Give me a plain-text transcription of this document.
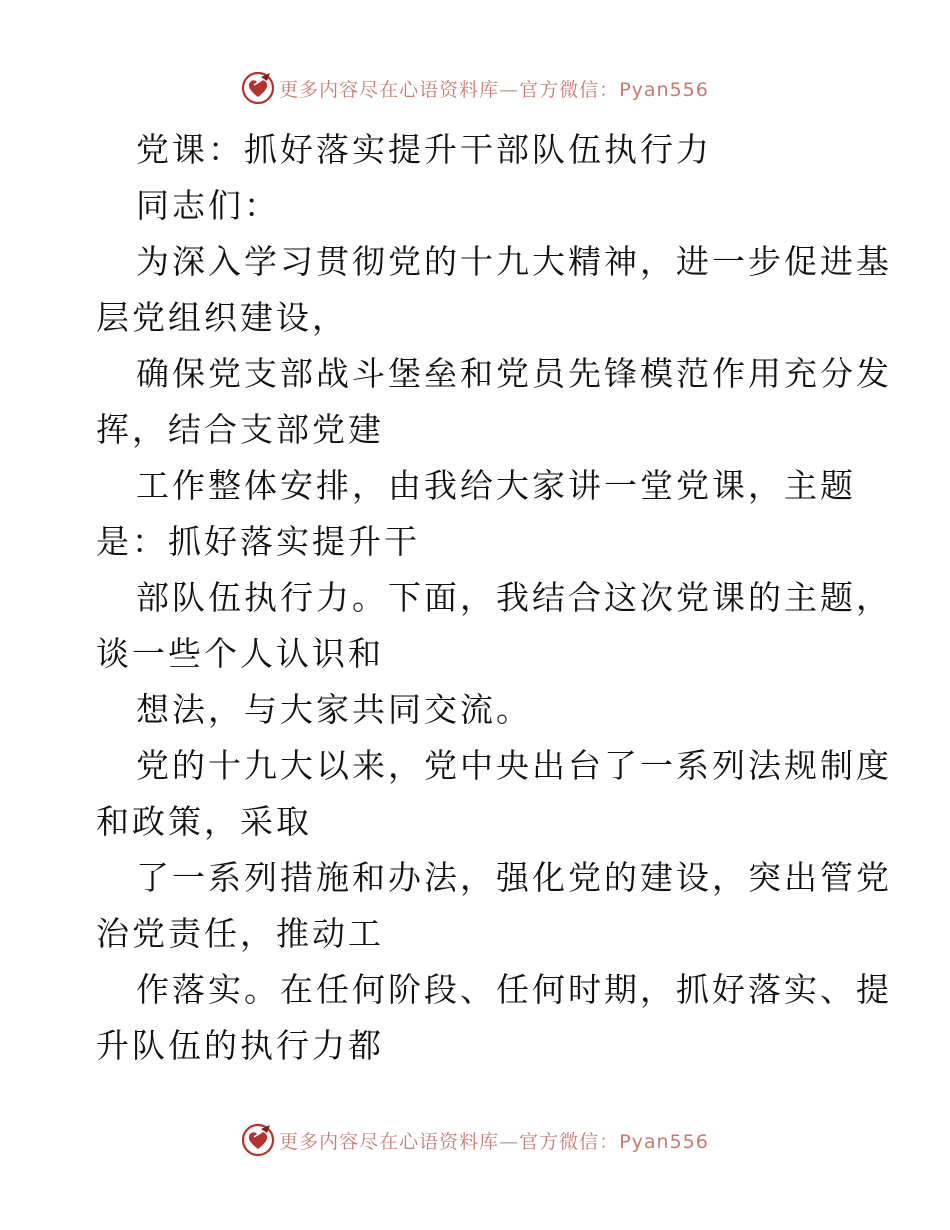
更多内容尽在心语资料库—官方微信：Pyan556
党课：抓好落实提升干部队伍执行力
同志们：
为深入学习贯彻党的十九大精神，进一步促进基
层党组织建设，
确保党支部战斗堡垒和党员先锋模范作用充分发
挥，结合支部党建
工作整体安排，由我给大家讲一堂党课，主题
是：抓好落实提升干
部队伍执行力。下面，我结合这次党课的主题，
谈一些个人认识和
想法，与大家共同交流。
党的十九大以来，党中央出台了一系列法规制度
和政策，采取
了一系列措施和办法，强化党的建设，突出管党
治党责任，推动工
作落实。在任何阶段、任何时期，抓好落实、提
升队伍的执行力都
更多内容尽在心语资料库—官方微信：Pyan556
